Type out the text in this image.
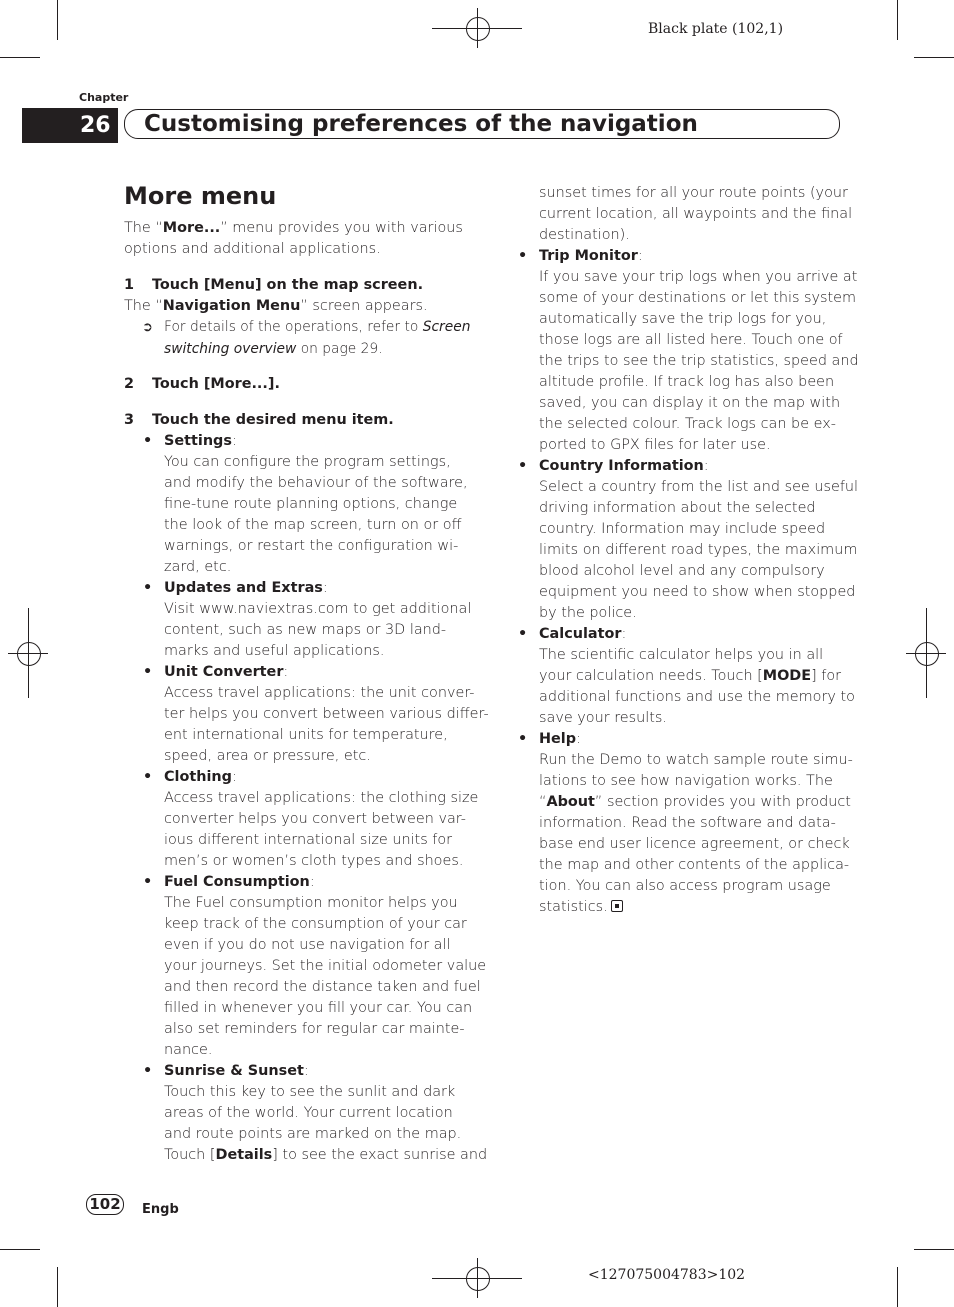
Black plate (102,1)
Chapter
26 Customising preferences of the navigation
More menu
The “More...” menu provides you with various
options and additional applications.
1 Touch [Menu] on the map screen.
The “Navigation Menu” screen appears.
➲ For details of the operations, refer to Screen
switching overview on page 29.
2 Touch [More...].
3 Touch the desired menu item.
• Settings:
You can configure the program settings,
and modify the behaviour of the software,
fine-tune route planning options, change
the look of the map screen, turn on or off
warnings, or restart the configuration wi-
zard, etc.
• Updates and Extras:
Visit www.naviextras.com to get additional
content, such as new maps or 3D land-
marks and useful applications.
• Unit Converter:
Access travel applications: the unit conver-
ter helps you convert between various differ-
ent international units for temperature,
speed, area or pressure, etc.
• Clothing:
Access travel applications: the clothing size
converter helps you convert between var-
ious different international size units for
men’s or women’s cloth types and shoes.
• Fuel Consumption:
The Fuel consumption monitor helps you
keep track of the consumption of your car
even if you do not use navigation for all
your journeys. Set the initial odometer value
and then record the distance taken and fuel
filled in whenever you fill your car. You can
also set reminders for regular car mainte-
nance.
• Sunrise & Sunset:
Touch this key to see the sunlit and dark
areas of the world. Your current location
and route points are marked on the map.
Touch [Details] to see the exact sunrise and
sunset times for all your route points (your
current location, all waypoints and the final
destination).
• Trip Monitor:
If you save your trip logs when you arrive at
some of your destinations or let this system
automatically save the trip logs for you,
those logs are all listed here. Touch one of
the trips to see the trip statistics, speed and
altitude profile. If track log has also been
saved, you can display it on the map with
the selected colour. Track logs can be ex-
ported to GPX files for later use.
• Country Information:
Select a country from the list and see useful
driving information about the selected
country. Information may include speed
limits on different road types, the maximum
blood alcohol level and any compulsory
equipment you need to show when stopped
by the police.
• Calculator:
The scientific calculator helps you in all
your calculation needs. Touch [MODE] for
additional functions and use the memory to
save your results.
• Help:
Run the Demo to watch sample route simu-
lations to see how navigation works. The
“About” section provides you with product
information. Read the software and data-
base end user licence agreement, or check
the map and other contents of the applica-
tion. You can also access program usage
statistics.
102 Engb
<127075004783>102
